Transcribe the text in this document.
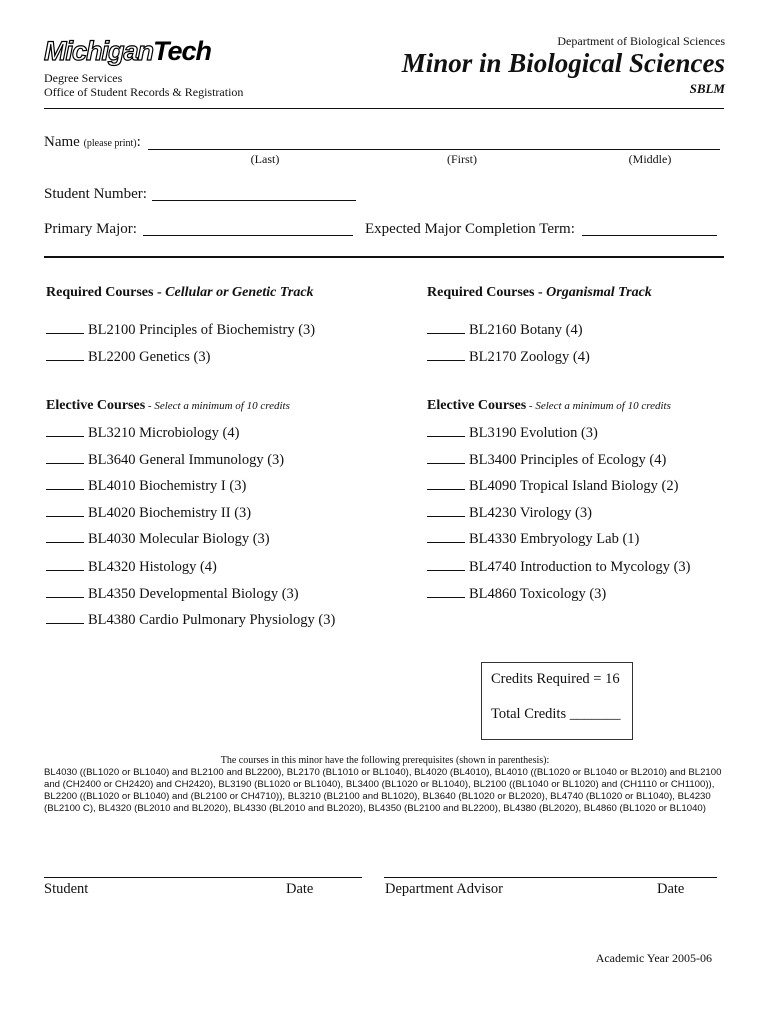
MichiganTech
Degree Services
Office of Student Records & Registration
Department of Biological Sciences
Minor in Biological Sciences
SBLM
Name (please print):
(Last)	(First)	(Middle)
Student Number:
Primary Major:	Expected Major Completion Term:
Required Courses - Cellular or Genetic Track
BL2100 Principles of Biochemistry (3)
BL2200 Genetics (3)
Elective Courses - Select a minimum of 10 credits
BL3210 Microbiology (4)
BL3640 General Immunology (3)
BL4010 Biochemistry I (3)
BL4020 Biochemistry II (3)
BL4030 Molecular Biology (3)
BL4320 Histology (4)
BL4350 Developmental Biology (3)
BL4380 Cardio Pulmonary Physiology (3)
Required Courses - Organismal Track
BL2160 Botany (4)
BL2170 Zoology (4)
Elective Courses - Select a minimum of 10 credits
BL3190 Evolution (3)
BL3400 Principles of Ecology (4)
BL4090 Tropical Island Biology (2)
BL4230 Virology (3)
BL4330 Embryology Lab (1)
BL4740 Introduction to Mycology (3)
BL4860 Toxicology (3)
Credits Required = 16
Total Credits _______
The courses in this minor have the following prerequisites (shown in parenthesis):
BL4030 ((BL1020 or BL1040) and BL2100 and BL2200), BL2170 (BL1010 or BL1040), BL4020 (BL4010), BL4010 ((BL1020 or BL1040 or BL2010) and BL2100 and (CH2400 or CH2420) and CH2420), BL3190 (BL1020 or BL1040), BL3400 (BL1020 or BL1040), BL2100 ((BL1040 or BL1020) and (CH1110 or CH1100)), BL2200 ((BL1020 or BL1040) and (BL2100 or CH4710)), BL3210 (BL2100 and BL1020), BL3640 (BL1020 or BL2020), BL4740 (BL1020 or BL1040), BL4230 (BL2100 C), BL4320 (BL2010 and BL2020), BL4330 (BL2010 and BL2020), BL4350 (BL2100 and BL2200), BL4380 (BL2020), BL4860 (BL1020 or BL1040)
Student	Date	Department Advisor	Date
Academic Year 2005-06
